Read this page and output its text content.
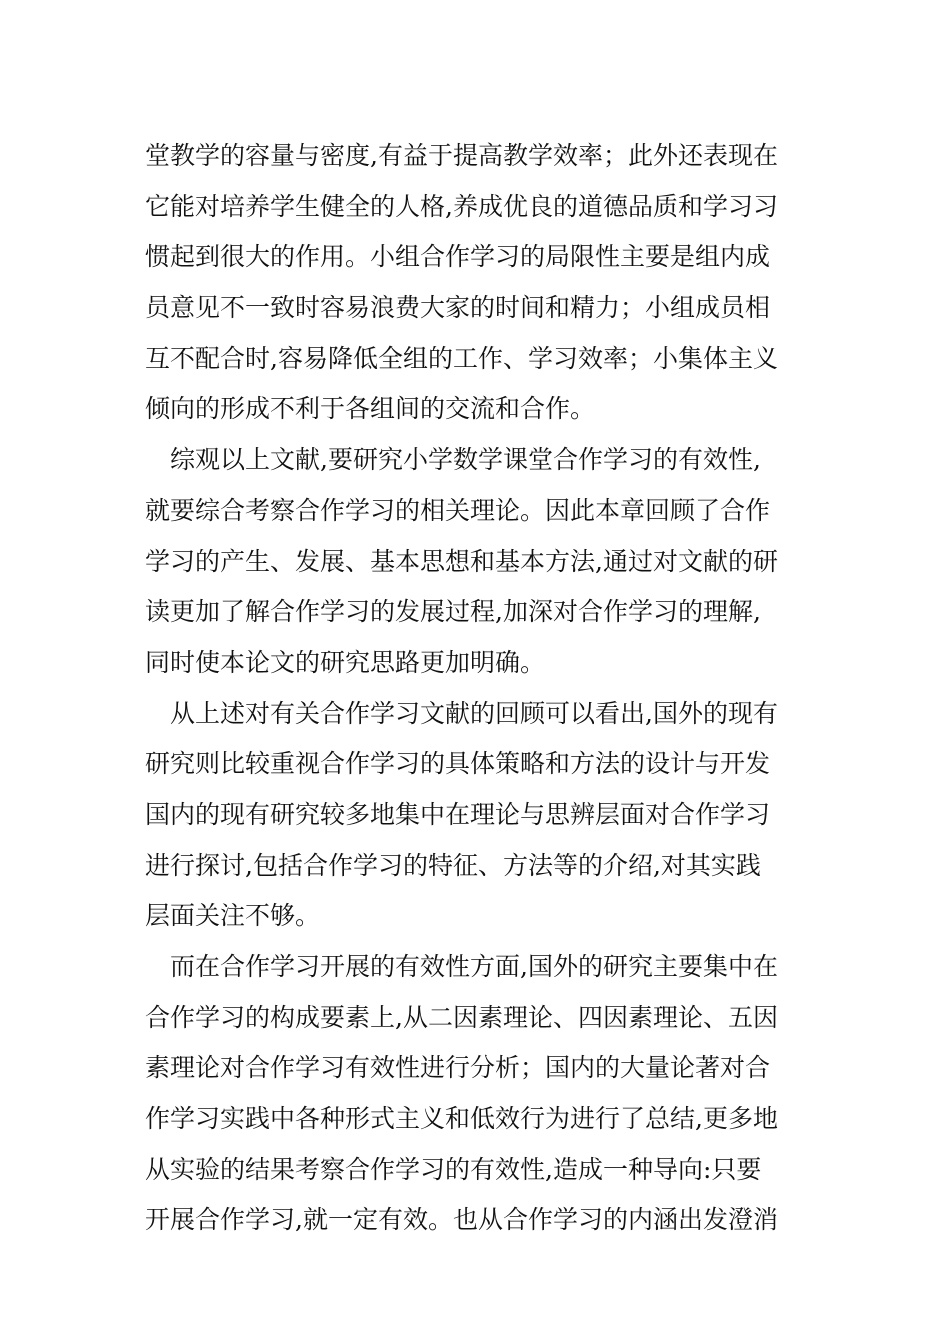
堂教学的容量与密度,有益于提高教学效率；此外还表现在
它能对培养学生健全的人格,养成优良的道德品质和学习习
惯起到很大的作用。小组合作学习的局限性主要是组内成
员意见不一致时容易浪费大家的时间和精力；小组成员相
互不配合时,容易降低全组的工作、学习效率；小集体主义
倾向的形成不利于各组间的交流和合作。
　综观以上文献,要研究小学数学课堂合作学习的有效性,
就要综合考察合作学习的相关理论。因此本章回顾了合作
学习的产生、发展、基本思想和基本方法,通过对文献的研
读更加了解合作学习的发展过程,加深对合作学习的理解,
同时使本论文的研究思路更加明确。
　从上述对有关合作学习文献的回顾可以看出,国外的现有
研究则比较重视合作学习的具体策略和方法的设计与开发
国内的现有研究较多地集中在理论与思辨层面对合作学习
进行探讨,包括合作学习的特征、方法等的介绍,对其实践
层面关注不够。
　而在合作学习开展的有效性方面,国外的研究主要集中在
合作学习的构成要素上,从二因素理论、四因素理论、五因
素理论对合作学习有效性进行分析；国内的大量论著对合
作学习实践中各种形式主义和低效行为进行了总结,更多地
从实验的结果考察合作学习的有效性,造成一种导向:只要
开展合作学习,就一定有效。也从合作学习的内涵出发澄消
